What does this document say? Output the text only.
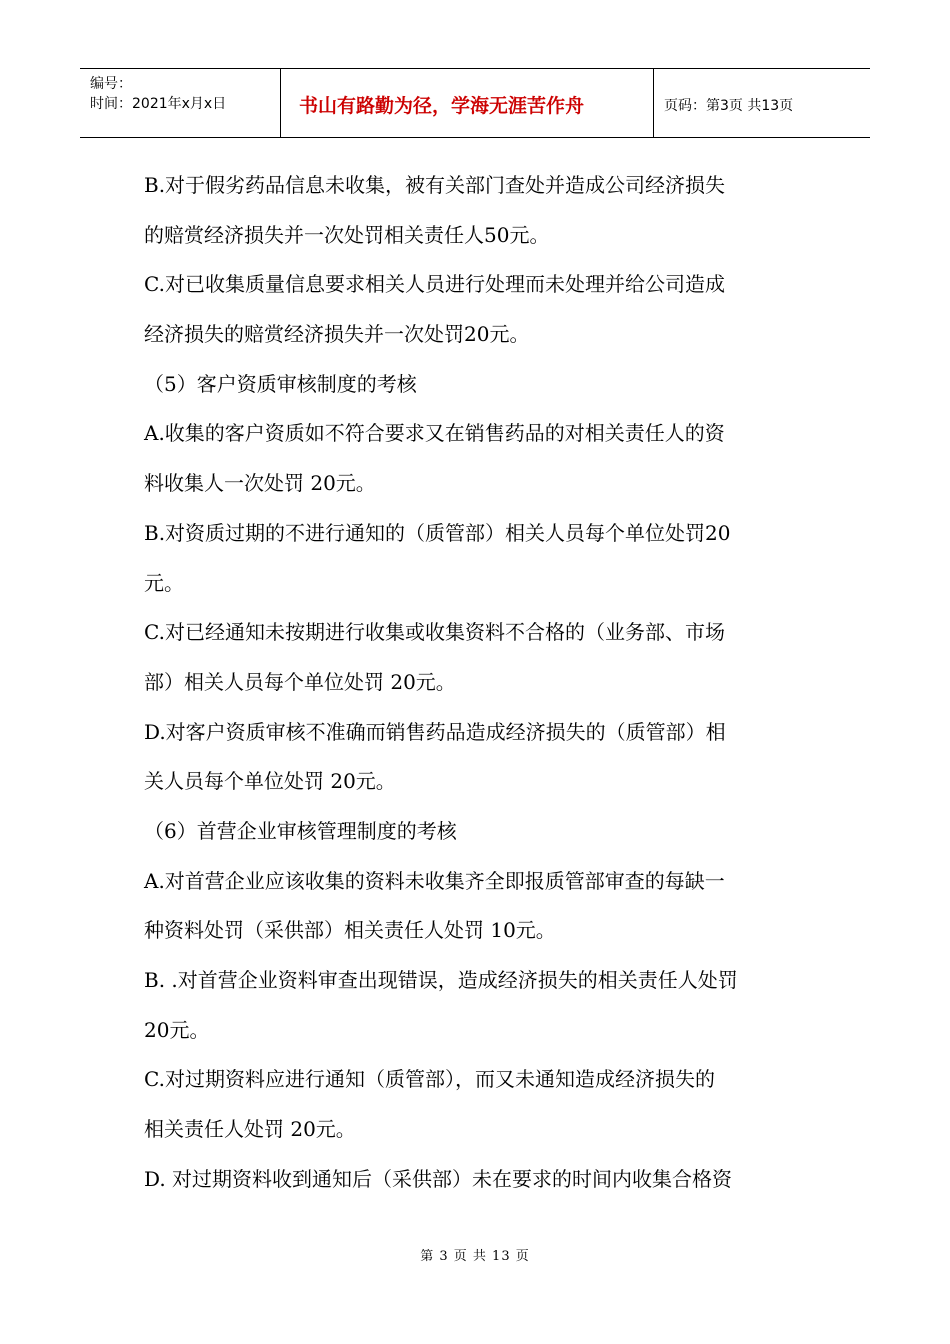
编号：
时间：2021年x月x日	书山有路勤为径，学海无涯苦作舟	页码：第3页 共13页
B.对于假劣药品信息未收集，被有关部门查处并造成公司经济损失
的赔赏经济损失并一次处罚相关责任人50元。
C.对已收集质量信息要求相关人员进行处理而未处理并给公司造成
经济损失的赔赏经济损失并一次处罚20元。
（5）客户资质审核制度的考核
A.收集的客户资质如不符合要求又在销售药品的对相关责任人的资
料收集人一次处罚 20元。
B.对资质过期的不进行通知的（质管部）相关人员每个单位处罚20
元。
C.对已经通知未按期进行收集或收集资料不合格的（业务部、市场
部）相关人员每个单位处罚 20元。
D.对客户资质审核不准确而销售药品造成经济损失的（质管部）相
关人员每个单位处罚 20元。
（6）首营企业审核管理制度的考核
A.对首营企业应该收集的资料未收集齐全即报质管部审查的每缺一
种资料处罚（采供部）相关责任人处罚 10元。
B. .对首营企业资料审查出现错误，造成经济损失的相关责任人处罚
20元。
C.对过期资料应进行通知（质管部），而又未通知造成经济损失的
相关责任人处罚 20元。
D. 对过期资料收到通知后（采供部）未在要求的时间内收集合格资
第 3 页 共 13 页
